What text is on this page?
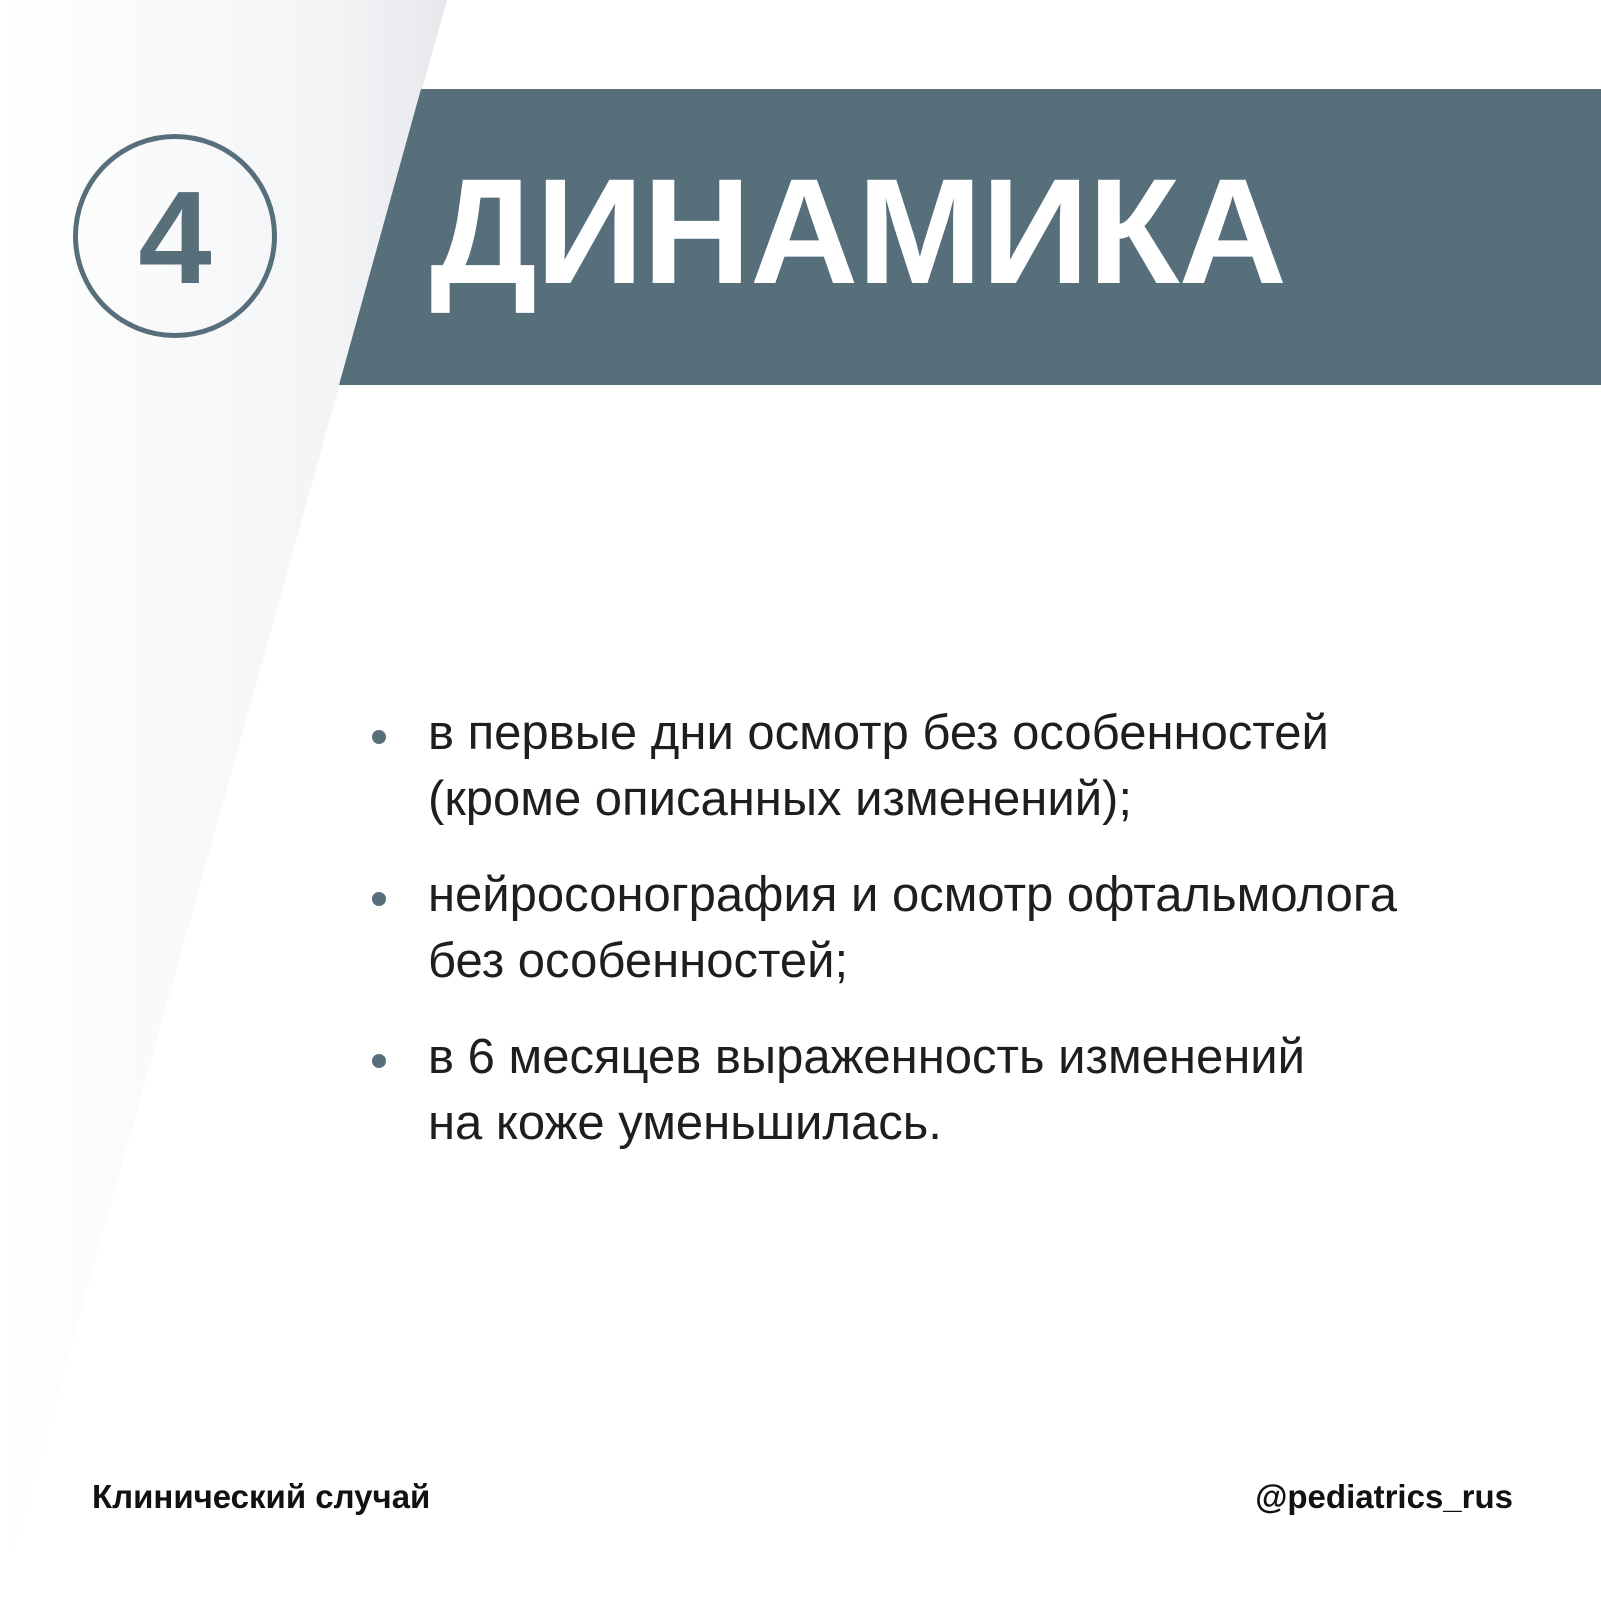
4 ДИНАМИКА
в первые дни осмотр без особенностей
(кроме описанных изменений);
нейросонография и осмотр офтальмолога
без особенностей;
в 6 месяцев выраженность изменений
на коже уменьшилась.
Клинический случай	@pediatrics_rus
